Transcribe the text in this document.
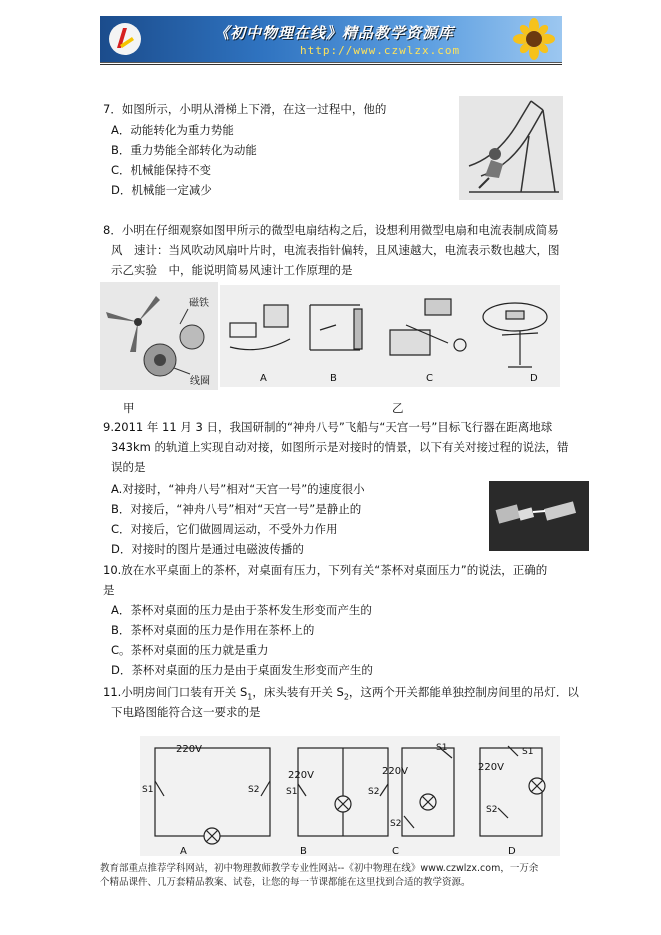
《初中物理在线》精品教学资源库
http://www.czwlzx.com
7．如图所示，小明从滑梯上下滑，在这一过程中，他的
A．动能转化为重力势能
B．重力势能全部转化为动能
C．机械能保持不变
D．机械能一定减少
8．小明在仔细观察如图甲所示的微型电扇结构之后，设想利用微型电扇和电流表制成简易
风　速计：当风吹动风扇叶片时，电流表指针偏转，且风速越大，电流表示数也越大，图
示乙实验　中，能说明简易风速计工作原理的是
磁铁
线圈	A	B	C	D
甲	乙
9.2011 年 11 月 3 日，我国研制的“神舟八号”飞船与“天宫一号”目标飞行器在距离地球
343km 的轨道上实现自动对接，如图所示是对接时的情景，以下有关对接过程的说法，错
误的是
A.对接时，“神舟八号”相对“天宫一号”的速度很小
B．对接后，“神舟八号”相对“天宫一号”是静止的
C．对接后，它们做圆周运动，不受外力作用
D．对接时的图片是通过电磁波传播的
10.放在水平桌面上的茶杯，对桌面有压力，下列有关“茶杯对桌面压力”的说法，正确的
是
A．茶杯对桌面的压力是由于茶杯发生形变而产生的
B．茶杯对桌面的压力是作用在茶杯上的
C。茶杯对桌面的压力就是重力
D．茶杯对桌面的压力是由于桌面发生形变而产生的
11.小明房间门口装有开关 $S_1$，床头装有开关 $S_2$，这两个开关都能单独控制房间里的吊灯．以
下电路图能符合这一要求的是
220V
S1	S2
A
220V
S1	S2
B
220V
S1
S2
C
220V
S1
S2
D
教育部重点推荐学科网站，初中物理教师教学专业性网站--《初中物理在线》www.czwlzx.com，一万余
个精品课件、几万套精品教案、试卷，让您的每一节课都能在这里找到合适的教学资源。
